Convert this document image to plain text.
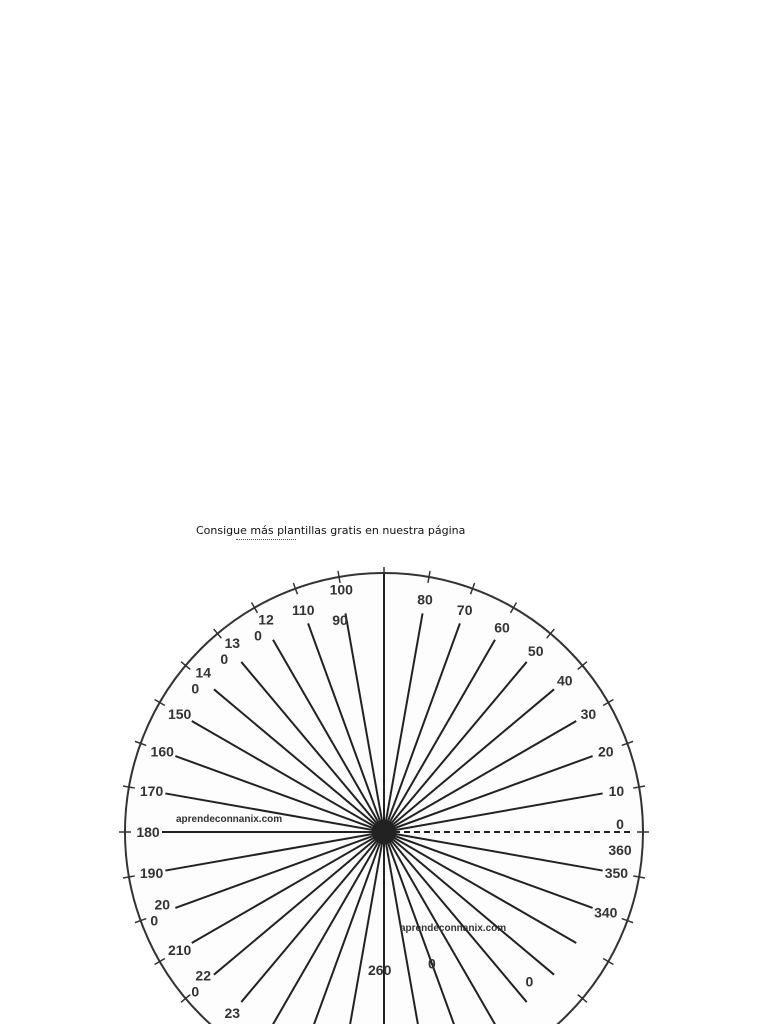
Consigue más plantillas gratis en nuestra página
100
90
80
70
60
50
40
30
20
10
0
360
350
340
110
12 0
13 0
14 0
150
160
170
180
190
20 0
210
22 0
23
260	0
0
aprendeconnanix.com
aprendeconnanix.com
